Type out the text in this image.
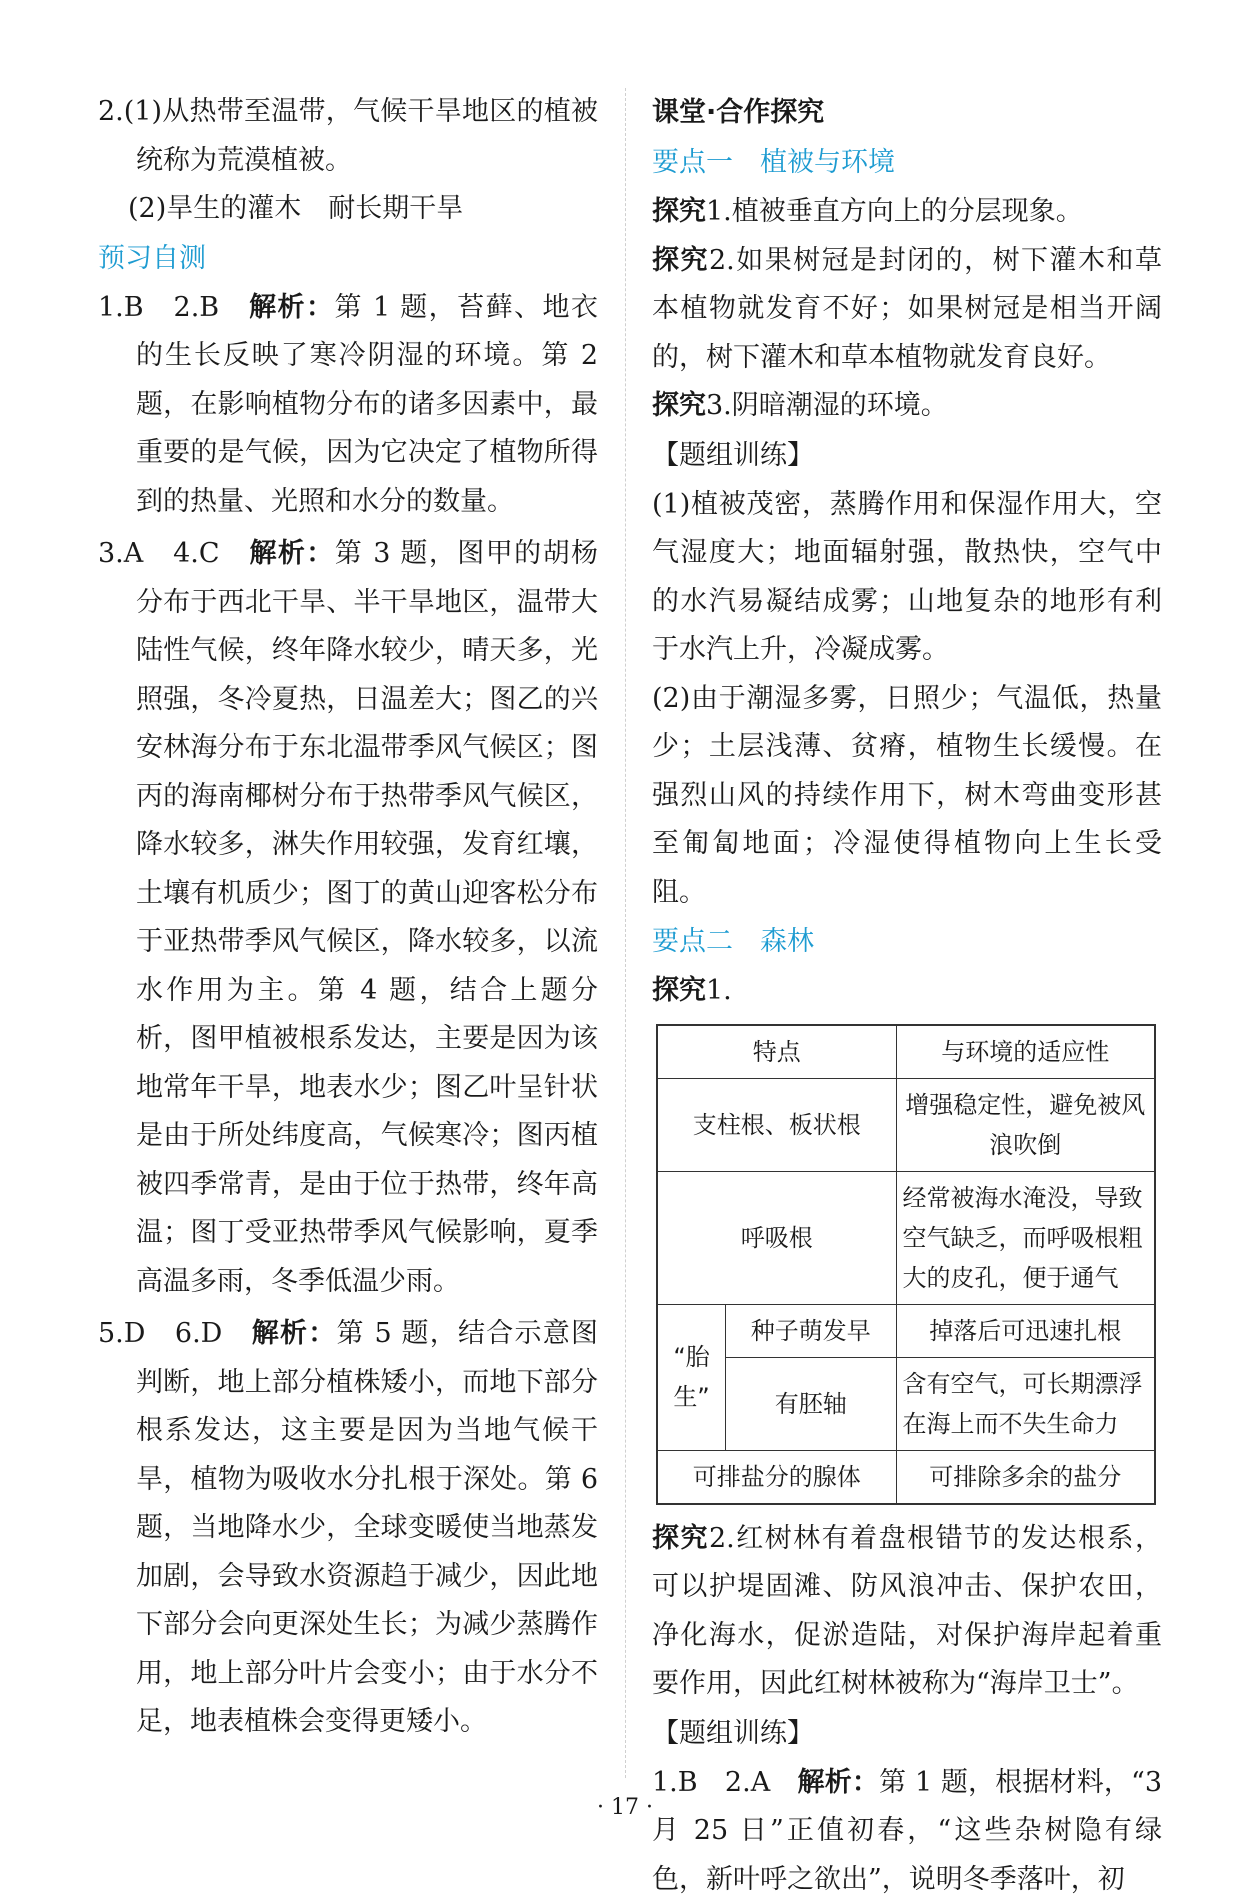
2.(1)从热带至温带，气候干旱地区的植被统称为荒漠植被。

(2)旱生的灌木　耐长期干旱

预习自测

1.B　2.B　 解析：第 1 题，苔藓、地衣的生长反映了寒冷阴湿的环境。第 2 题，在影响植物分布的诸多因素中，最重要的是气候，因为它决定了植物所得到的热量、光照和水分的数量。

3.A　4.C　 解析：第 3 题，图甲的胡杨分布于西北干旱、半干旱地区，温带大陆性气候，终年降水较少，晴天多，光照强，冬冷夏热，日温差大；图乙的兴安林海分布于东北温带季风气候区；图丙的海南椰树分布于热带季风气候区，降水较多，淋失作用较强，发育红壤，土壤有机质少；图丁的黄山迎客松分布于亚热带季风气候区，降水较多，以流水作用为主。第 4 题，结合上题分析，图甲植被根系发达，主要是因为该地常年干旱，地表水少；图乙叶呈针状是由于所处纬度高，气候寒冷；图丙植被四季常青，是由于位于热带，终年高温；图丁受亚热带季风气候影响，夏季高温多雨，冬季低温少雨。

5.D　6.D　 解析：第 5 题，结合示意图判断，地上部分植株矮小，而地下部分根系发达，这主要是因为当地气候干旱，植物为吸收水分扎根于深处。第 6 题，当地降水少，全球变暖使当地蒸发加剧，会导致水资源趋于减少，因此地下部分会向更深处生长；为减少蒸腾作用，地上部分叶片会变小；由于水分不足，地表植株会变得更矮小。

课堂·合作探究

要点一　植被与环境

探究1.植被垂直方向上的分层现象。

探究2.如果树冠是封闭的，树下灌木和草本植物就发育不好；如果树冠是相当开阔的，树下灌木和草本植物就发育良好。

探究3.阴暗潮湿的环境。

【题组训练】

(1)植被茂密，蒸腾作用和保湿作用大，空气湿度大；地面辐射强，散热快，空气中的水汽易凝结成雾；山地复杂的地形有利于水汽上升，冷凝成雾。

(2)由于潮湿多雾，日照少；气温低，热量少；土层浅薄、贫瘠，植物生长缓慢。在强烈山风的持续作用下，树木弯曲变形甚至匍匐地面；冷湿使得植物向上生长受阻。

要点二　森林

探究1.

特点		与环境的适应性
支柱根、板状根		增强稳定性，避免被风浪吹倒
呼吸根		经常被海水淹没，导致空气缺乏，而呼吸根粗大的皮孔，便于通气
“胎生”	种子萌发早	掉落后可迅速扎根
	有胚轴	含有空气，可长期漂浮在海上而不失生命力
可排盐分的腺体		可排除多余的盐分

探究2.红树林有着盘根错节的发达根系，可以护堤固滩、防风浪冲击、保护农田，净化海水，促淤造陆，对保护海岸起着重要作用，因此红树林被称为“海岸卫士”。

【题组训练】

1.B　2.A　 解析：第 1 题，根据材料，“3 月 25 日”正值初春，“这些杂树隐有绿色，新叶呼之欲出”，说明冬季落叶，初

· 17 ·
